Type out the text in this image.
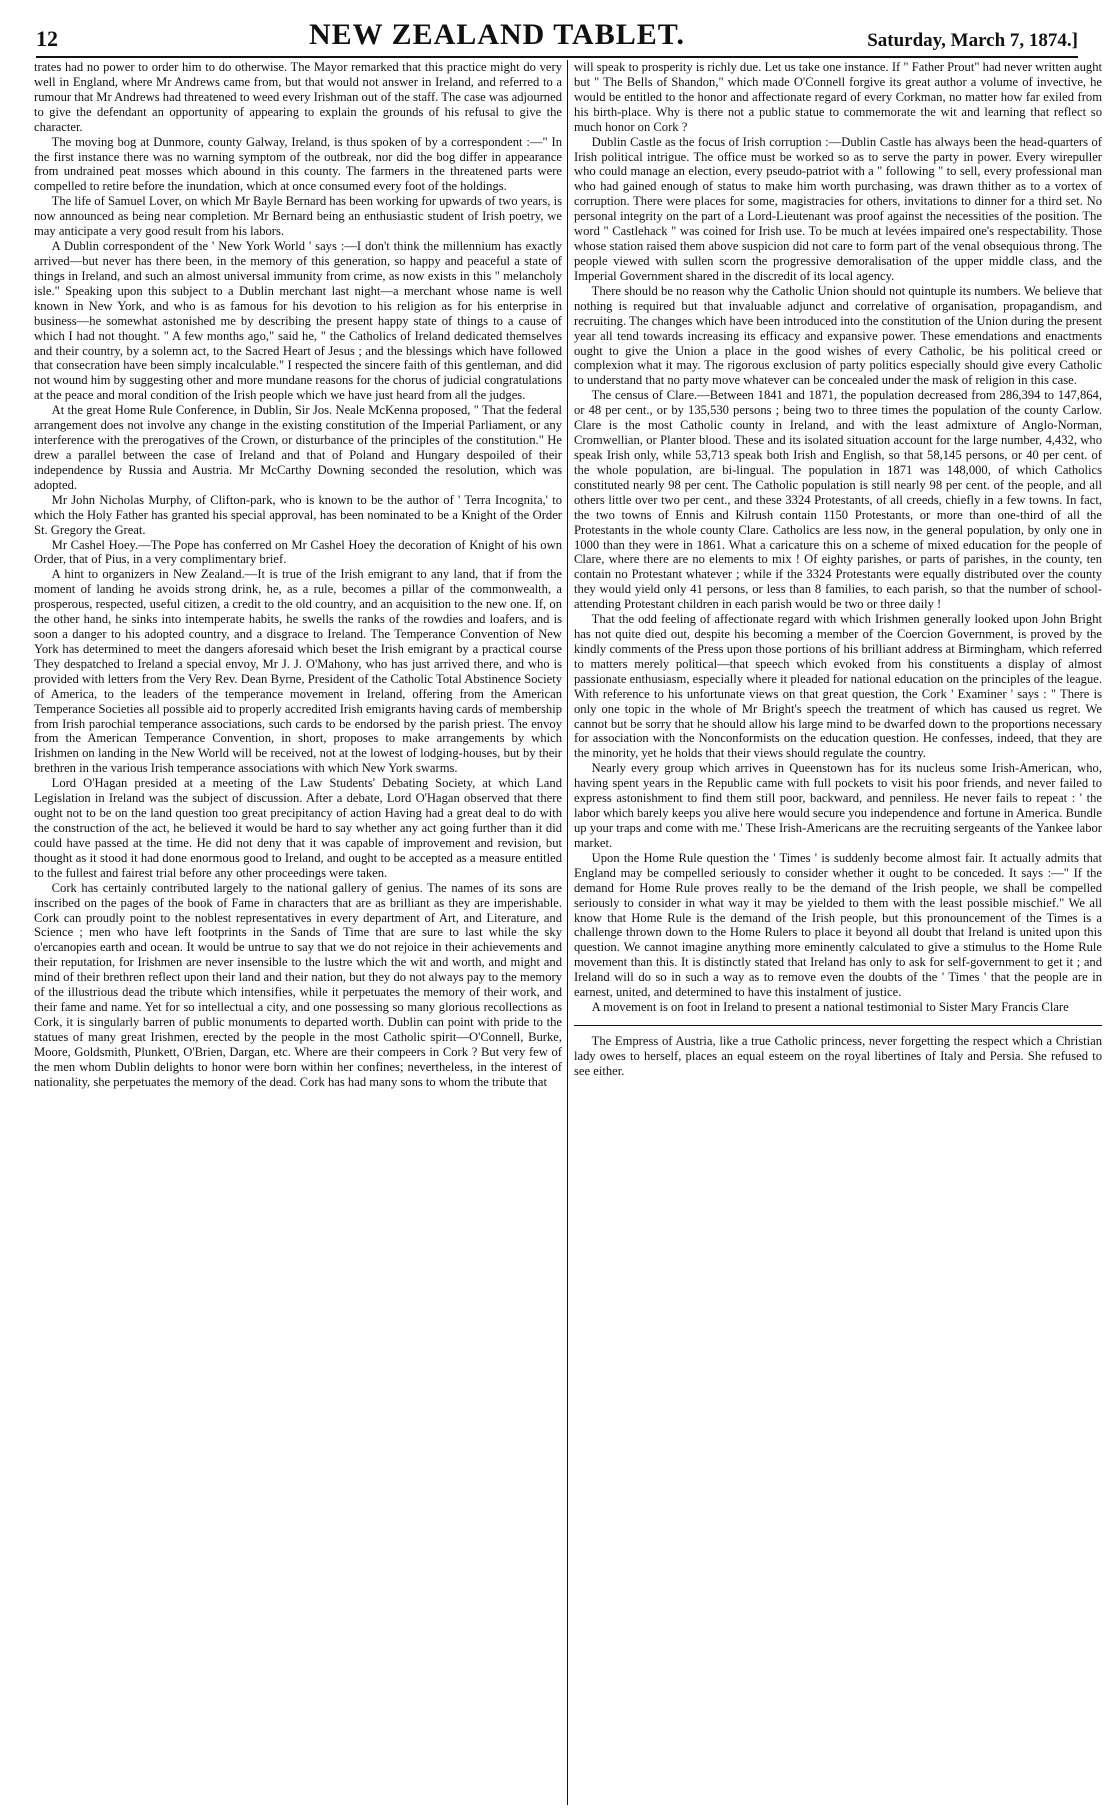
12	NEW ZEALAND TABLET.	Saturday, March 7, 1874.]

trates had no power to order him to do otherwise. The Mayor remarked that this practice might do very well in England, where Mr Andrews came from, but that would not answer in Ireland, and referred to a rumour that Mr Andrews had threatened to weed every Irishman out of the staff. The case was adjourned to give the defendant an opportunity of appearing to explain the grounds of his refusal to give the character.

The moving bog at Dunmore, county Galway, Ireland, is thus spoken of by a correspondent :—" In the first instance there was no warning symptom of the outbreak, nor did the bog differ in appearance from undrained peat mosses which abound in this county. The farmers in the threatened parts were compelled to retire before the inundation, which at once consumed every foot of the holdings.

The life of Samuel Lover, on which Mr Bayle Bernard has been working for upwards of two years, is now announced as being near completion. Mr Bernard being an enthusiastic student of Irish poetry, we may anticipate a very good result from his labors.

A Dublin correspondent of the ' New York World ' says :—I don't think the millennium has exactly arrived—but never has there been, in the memory of this generation, so happy and peaceful a state of things in Ireland, and such an almost universal immunity from crime, as now exists in this " melancholy isle." Speaking upon this subject to a Dublin merchant last night—a merchant whose name is well known in New York, and who is as famous for his devotion to his religion as for his enterprise in business—he somewhat astonished me by describing the present happy state of things to a cause of which I had not thought. " A few months ago," said he, " the Catholics of Ireland dedicated themselves and their country, by a solemn act, to the Sacred Heart of Jesus ; and the blessings which have followed that consecration have been simply incalculable." I respected the sincere faith of this gentleman, and did not wound him by suggesting other and more mundane reasons for the chorus of judicial congratulations at the peace and moral condition of the Irish people which we have just heard from all the judges.

At the great Home Rule Conference, in Dublin, Sir Jos. Neale McKenna proposed, " That the federal arrangement does not involve any change in the existing constitution of the Imperial Parliament, or any interference with the prerogatives of the Crown, or disturbance of the principles of the constitution." He drew a parallel between the case of Ireland and that of Poland and Hungary despoiled of their independence by Russia and Austria. Mr McCarthy Downing seconded the resolution, which was adopted.

Mr John Nicholas Murphy, of Clifton-park, who is known to be the author of ' Terra Incognita,' to which the Holy Father has granted his special approval, has been nominated to be a Knight of the Order St. Gregory the Great.

Mr Cashel Hoey.—The Pope has conferred on Mr Cashel Hoey the decoration of Knight of his own Order, that of Pius, in a very complimentary brief.

A hint to organizers in New Zealand.—It is true of the Irish emigrant to any land, that if from the moment of landing he avoids strong drink, he, as a rule, becomes a pillar of the commonwealth, a prosperous, respected, useful citizen, a credit to the old country, and an acquisition to the new one. If, on the other hand, he sinks into intemperate habits, he swells the ranks of the rowdies and loafers, and is soon a danger to his adopted country, and a disgrace to Ireland. The Temperance Convention of New York has determined to meet the dangers aforesaid which beset the Irish emigrant by a practical course They despatched to Ireland a special envoy, Mr J. J. O'Mahony, who has just arrived there, and who is provided with letters from the Very Rev. Dean Byrne, President of the Catholic Total Abstinence Society of America, to the leaders of the temperance movement in Ireland, offering from the American Temperance Societies all possible aid to properly accredited Irish emigrants having cards of membership from Irish parochial temperance associations, such cards to be endorsed by the parish priest. The envoy from the American Temperance Convention, in short, proposes to make arrangements by which Irishmen on landing in the New World will be received, not at the lowest of lodging-houses, but by their brethren in the various Irish temperance associations with which New York swarms.

Lord O'Hagan presided at a meeting of the Law Students' Debating Society, at which Land Legislation in Ireland was the subject of discussion. After a debate, Lord O'Hagan observed that there ought not to be on the land question too great precipitancy of action Having had a great deal to do with the construction of the act, he believed it would be hard to say whether any act going further than it did could have passed at the time. He did not deny that it was capable of improvement and revision, but thought as it stood it had done enormous good to Ireland, and ought to be accepted as a measure entitled to the fullest and fairest trial before any other proceedings were taken.

Cork has certainly contributed largely to the national gallery of genius. The names of its sons are inscribed on the pages of the book of Fame in characters that are as brilliant as they are imperishable. Cork can proudly point to the noblest representatives in every department of Art, and Literature, and Science ; men who have left footprints in the Sands of Time that are sure to last while the sky o'ercanopies earth and ocean. It would be untrue to say that we do not rejoice in their achievements and their reputation, for Irishmen are never insensible to the lustre which the wit and worth, and might and mind of their brethren reflect upon their land and their nation, but they do not always pay to the memory of the illustrious dead the tribute which intensifies, while it perpetuates the memory of their work, and their fame and name. Yet for so intellectual a city, and one possessing so many glorious recollections as Cork, it is singularly barren of public monuments to departed worth. Dublin can point with pride to the statues of many great Irishmen, erected by the people in the most Catholic spirit—O'Connell, Burke, Moore, Goldsmith, Plunkett, O'Brien, Dargan, etc. Where are their compeers in Cork ? But very few of the men whom Dublin delights to honor were born within her confines; nevertheless, in the interest of nationality, she perpetuates the memory of the dead. Cork has had many sons to whom the tribute that

will speak to prosperity is richly due. Let us take one instance. If " Father Prout" had never written aught but " The Bells of Shandon," which made O'Connell forgive its great author a volume of invective, he would be entitled to the honor and affectionate regard of every Corkman, no matter how far exiled from his birth-place. Why is there not a public statue to commemorate the wit and learning that reflect so much honor on Cork ?

Dublin Castle as the focus of Irish corruption :—Dublin Castle has always been the head-quarters of Irish political intrigue. The office must be worked so as to serve the party in power. Every wirepuller who could manage an election, every pseudo-patriot with a " following " to sell, every professional man who had gained enough of status to make him worth purchasing, was drawn thither as to a vortex of corruption. There were places for some, magistracies for others, invitations to dinner for a third set. No personal integrity on the part of a Lord-Lieutenant was proof against the necessities of the position. The word " Castlehack " was coined for Irish use. To be much at levées impaired one's respectability. Those whose station raised them above suspicion did not care to form part of the venal obsequious throng. The people viewed with sullen scorn the progressive demoralisation of the upper middle class, and the Imperial Government shared in the discredit of its local agency.

There should be no reason why the Catholic Union should not quintuple its numbers. We believe that nothing is required but that invaluable adjunct and correlative of organisation, propagandism, and recruiting. The changes which have been introduced into the constitution of the Union during the present year all tend towards increasing its efficacy and expansive power. These emendations and enactments ought to give the Union a place in the good wishes of every Catholic, be his political creed or complexion what it may. The rigorous exclusion of party politics especially should give every Catholic to understand that no party move whatever can be concealed under the mask of religion in this case.

The census of Clare.—Between 1841 and 1871, the population decreased from 286,394 to 147,864, or 48 per cent., or by 135,530 persons ; being two to three times the population of the county Carlow. Clare is the most Catholic county in Ireland, and with the least admixture of Anglo-Norman, Cromwellian, or Planter blood. These and its isolated situation account for the large number, 4,432, who speak Irish only, while 53,713 speak both Irish and English, so that 58,145 persons, or 40 per cent. of the whole population, are bi-lingual. The population in 1871 was 148,000, of which Catholics constituted nearly 98 per cent. The Catholic population is still nearly 98 per cent. of the people, and all others little over two per cent., and these 3324 Protestants, of all creeds, chiefly in a few towns. In fact, the two towns of Ennis and Kilrush contain 1150 Protestants, or more than one-third of all the Protestants in the whole county Clare. Catholics are less now, in the general population, by only one in 1000 than they were in 1861. What a caricature this on a scheme of mixed education for the people of Clare, where there are no elements to mix ! Of eighty parishes, or parts of parishes, in the county, ten contain no Protestant whatever ; while if the 3324 Protestants were equally distributed over the county they would yield only 41 persons, or less than 8 families, to each parish, so that the number of school-attending Protestant children in each parish would be two or three daily !

That the odd feeling of affectionate regard with which Irishmen generally looked upon John Bright has not quite died out, despite his becoming a member of the Coercion Government, is proved by the kindly comments of the Press upon those portions of his brilliant address at Birmingham, which referred to matters merely political—that speech which evoked from his constituents a display of almost passionate enthusiasm, especially where it pleaded for national education on the principles of the league. With reference to his unfortunate views on that great question, the Cork ' Examiner ' says : " There is only one topic in the whole of Mr Bright's speech the treatment of which has caused us regret. We cannot but be sorry that he should allow his large mind to be dwarfed down to the proportions necessary for association with the Nonconformists on the education question. He confesses, indeed, that they are the minority, yet he holds that their views should regulate the country.

Nearly every group which arrives in Queenstown has for its nucleus some Irish-American, who, having spent years in the Republic came with full pockets to visit his poor friends, and never failed to express astonishment to find them still poor, backward, and penniless. He never fails to repeat : ' the labor which barely keeps you alive here would secure you independence and fortune in America. Bundle up your traps and come with me.' These Irish-Americans are the recruiting sergeants of the Yankee labor market.

Upon the Home Rule question the ' Times ' is suddenly become almost fair. It actually admits that England may be compelled seriously to consider whether it ought to be conceded. It says :—" If the demand for Home Rule proves really to be the demand of the Irish people, we shall be compelled seriously to consider in what way it may be yielded to them with the least possible mischief." We all know that Home Rule is the demand of the Irish people, but this pronouncement of the Times is a challenge thrown down to the Home Rulers to place it beyond all doubt that Ireland is united upon this question. We cannot imagine anything more eminently calculated to give a stimulus to the Home Rule movement than this. It is distinctly stated that Ireland has only to ask for self-government to get it ; and Ireland will do so in such a way as to remove even the doubts of the ' Times ' that the people are in earnest, united, and determined to have this instalment of justice.

A movement is on foot in Ireland to present a national testimonial to Sister Mary Francis Clare

The Empress of Austria, like a true Catholic princess, never forgetting the respect which a Christian lady owes to herself, places an equal esteem on the royal libertines of Italy and Persia. She refused to see either.
